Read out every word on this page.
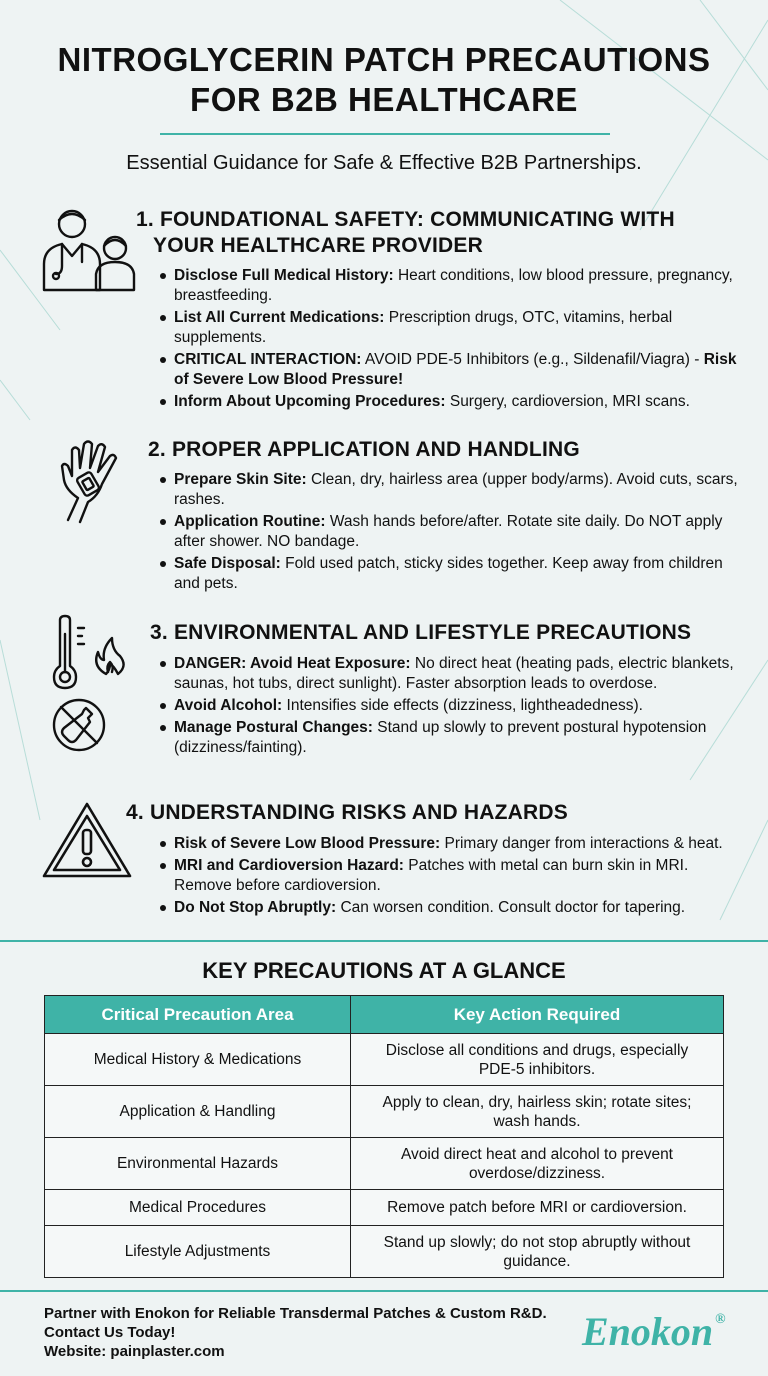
NITROGLYCERIN PATCH PRECAUTIONS
FOR B2B HEALTHCARE
Essential Guidance for Safe & Effective B2B Partnerships.
1. FOUNDATIONAL SAFETY: COMMUNICATING WITH
YOUR HEALTHCARE PROVIDER
Disclose Full Medical History: Heart conditions, low blood pressure, pregnancy, breastfeeding.
List All Current Medications: Prescription drugs, OTC, vitamins, herbal supplements.
CRITICAL INTERACTION: AVOID PDE-5 Inhibitors (e.g., Sildenafil/Viagra) - Risk of Severe Low Blood Pressure!
Inform About Upcoming Procedures: Surgery, cardioversion, MRI scans.
2. PROPER APPLICATION AND HANDLING
Prepare Skin Site: Clean, dry, hairless area (upper body/arms). Avoid cuts, scars, rashes.
Application Routine: Wash hands before/after. Rotate site daily. Do NOT apply after shower. NO bandage.
Safe Disposal: Fold used patch, sticky sides together. Keep away from children and pets.
3. ENVIRONMENTAL AND LIFESTYLE PRECAUTIONS
DANGER: Avoid Heat Exposure: No direct heat (heating pads, electric blankets, saunas, hot tubs, direct sunlight). Faster absorption leads to overdose.
Avoid Alcohol: Intensifies side effects (dizziness, lightheadedness).
Manage Postural Changes: Stand up slowly to prevent postural hypotension (dizziness/fainting).
4. UNDERSTANDING RISKS AND HAZARDS
Risk of Severe Low Blood Pressure: Primary danger from interactions & heat.
MRI and Cardioversion Hazard: Patches with metal can burn skin in MRI. Remove before cardioversion.
Do Not Stop Abruptly: Can worsen condition. Consult doctor for tapering.
KEY PRECAUTIONS AT A GLANCE
Critical Precaution Area	Key Action Required
Medical History & Medications	Disclose all conditions and drugs, especially PDE-5 inhibitors.
Application & Handling	Apply to clean, dry, hairless skin; rotate sites; wash hands.
Environmental Hazards	Avoid direct heat and alcohol to prevent overdose/dizziness.
Medical Procedures	Remove patch before MRI or cardioversion.
Lifestyle Adjustments	Stand up slowly; do not stop abruptly without guidance.
Partner with Enokon for Reliable Transdermal Patches & Custom R&D.
Contact Us Today!
Website: painplaster.com	Enokon ®
